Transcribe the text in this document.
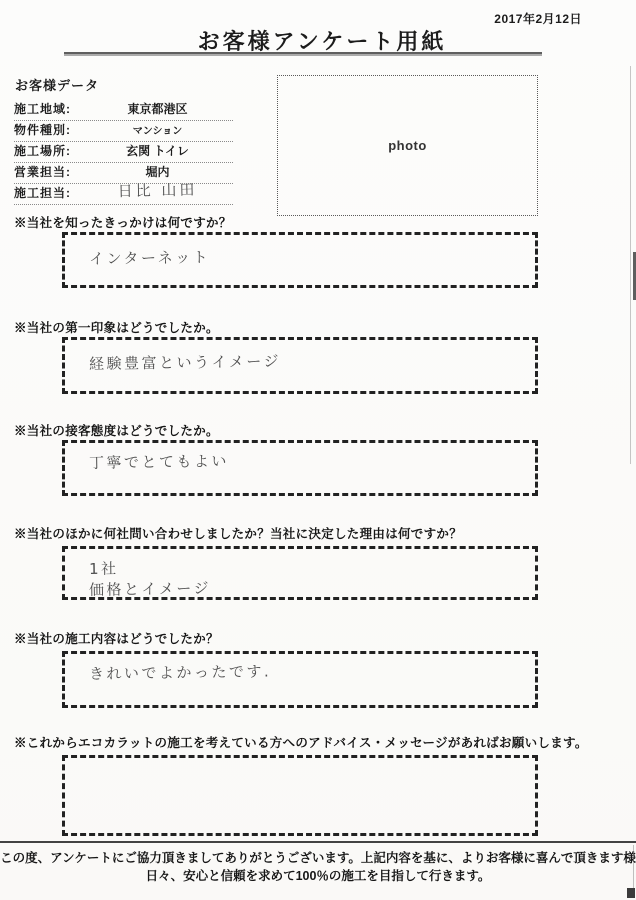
2017年2月12日
お客様アンケート用紙
お客様データ
施工地域:	東京都港区
物件種別:	マンション
施工場所:	玄関 トイレ
営業担当:	堀内
施工担当:	日比 山田
photo
※当社を知ったきっかけは何ですか？
インターネット
※当社の第一印象はどうでしたか。
経験豊富というイメージ
※当社の接客態度はどうでしたか。
丁寧でとてもよい
※当社のほかに何社問い合わせしましたか？当社に決定した理由は何ですか？
1社
価格とイメージ
※当社の施工内容はどうでしたか？
きれいでよかったです.
※これからエコカラットの施工を考えている方へのアドバイス・メッセージがあればお願いします。
この度、アンケートにご協力頂きましてありがとうございます。上記内容を基に、よりお客様に喜んで頂きます様
日々、安心と信頼を求めて100％の施工を目指して行きます。
